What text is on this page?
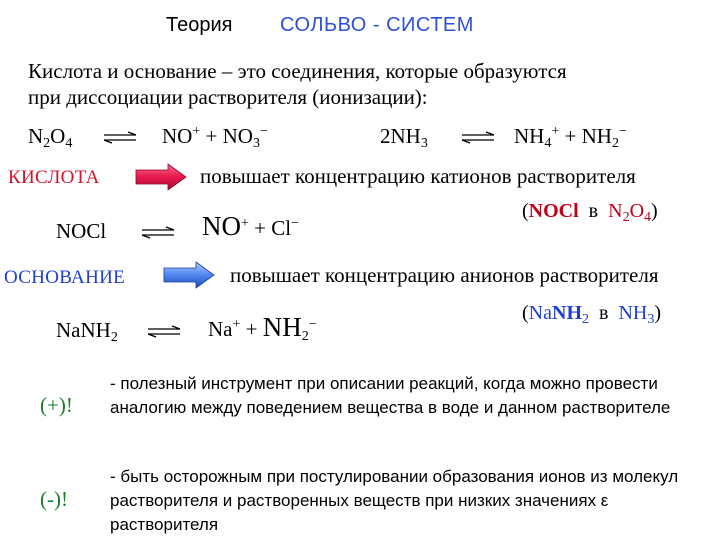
Теория СОЛЬВО - СИСТЕМ
Кислота и основание – это соединения, которые образуются
при диссоциации растворителя (ионизации):
$N_2O_4$ ⇌ $NO^+ + NO_3^-$	$2NH_3$ ⇌ $NH_4^+ + NH_2^-$
КИСЛОТА	повышает концентрацию катионов растворителя
NOCl	NO+ + Cl−
(NOCl  в  $N_2O_4$)
ОСНОВАНИЕ	повышает концентрацию анионов растворителя
NaNH$_2$	$Na^+ + NH_2^-$
(NaNH$_2$  в  $NH_3$)
(+)!
- полезный инструмент при описании реакций, когда можно провести аналогию между поведением вещества в воде и данном растворителе
(-)!
- быть осторожным при постулировании образования ионов из молекул растворителя и растворенных веществ при низких значениях ε растворителя
